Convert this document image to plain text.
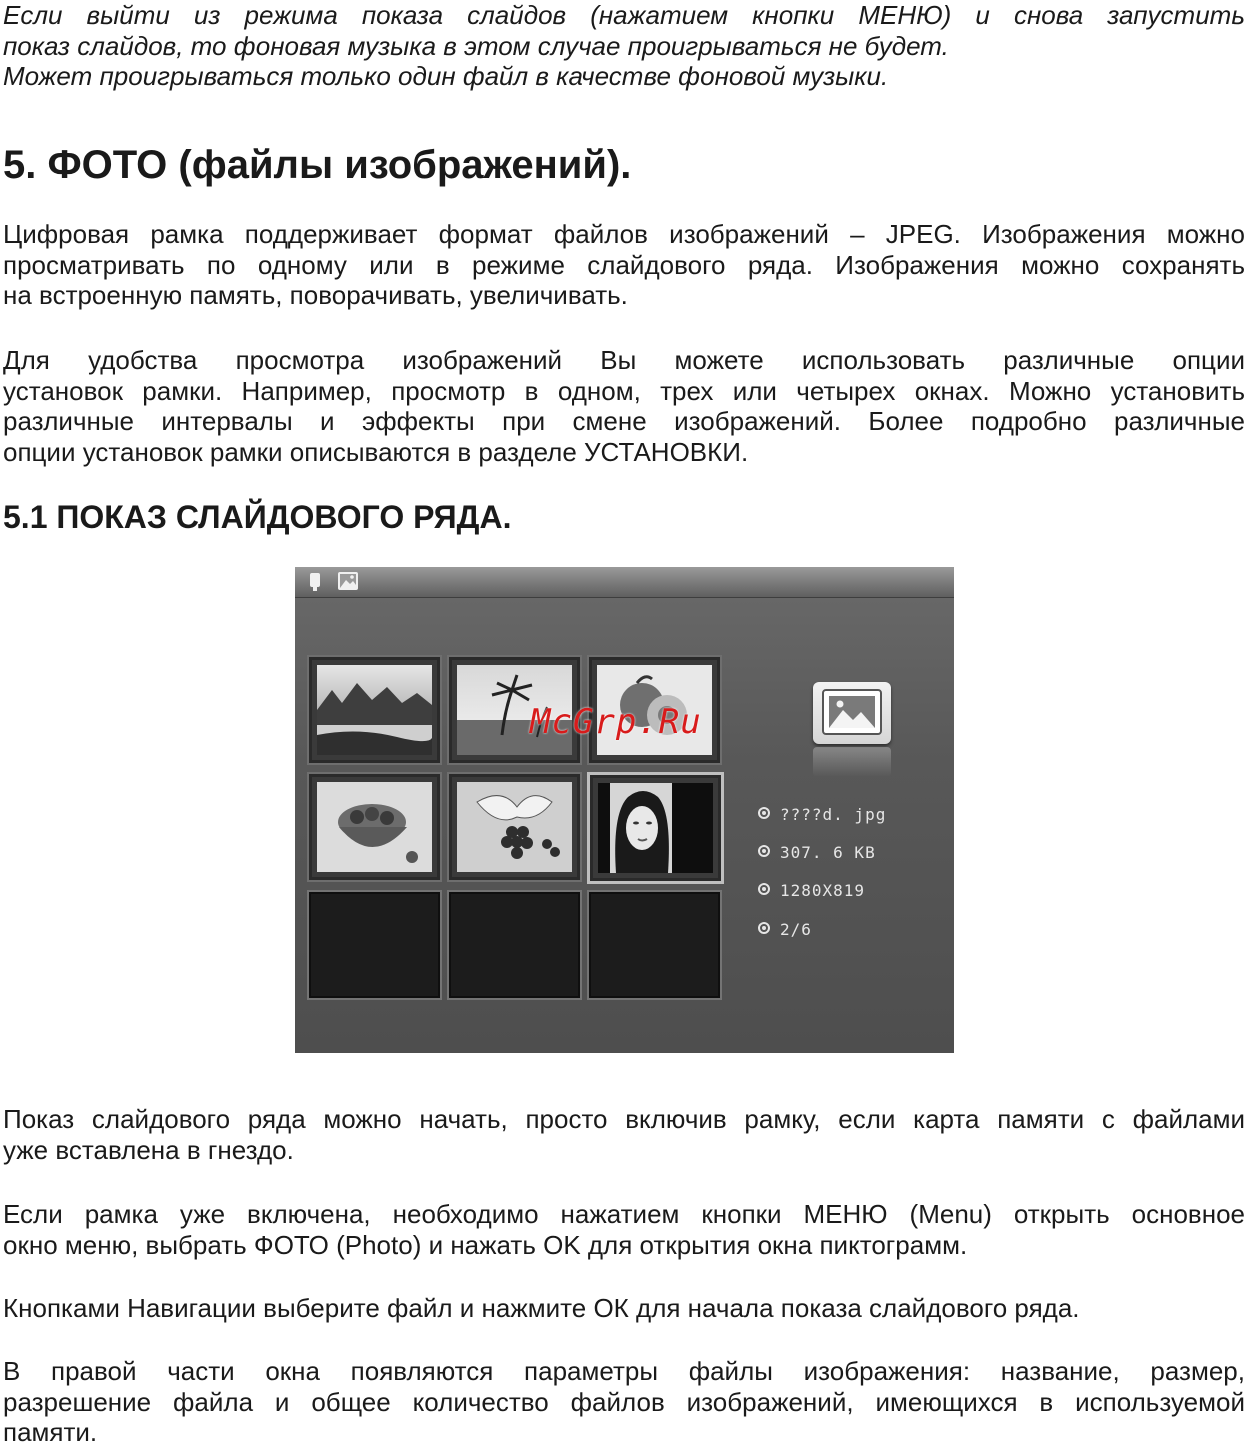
Если выйти из режима показа слайдов (нажатием кнопки МЕНЮ) и снова запустить
показ слайдов, то фоновая музыка в этом случае проигрываться не будет.
Может проигрываться только один файл в качестве фоновой музыки.
5. ФОТО (файлы изображений).
Цифровая рамка поддерживает формат файлов изображений – JPEG. Изображения можно
просматривать по одному или в режиме слайдового ряда. Изображения можно сохранять
на встроенную память, поворачивать, увеличивать.
Для удобства просмотра изображений Вы можете использовать различные опции
установок рамки. Например, просмотр в одном, трех или четырех окнах. Можно установить
различные интервалы и эффекты при смене изображений. Более подробно различные
опции установок рамки описываются в разделе УСТАНОВКИ.
5.1 ПОКАЗ СЛАЙДОВОГО РЯДА.
????d. jpg
307. 6 KB
1280X819
2/6
McGrp.Ru
Показ слайдового ряда можно начать, просто включив рамку, если карта памяти с файлами
уже вставлена в гнездо.
Если рамка уже включена, необходимо нажатием кнопки МЕНЮ (Menu) открыть основное
окно меню, выбрать ФОТО (Photo) и нажать OK для открытия окна пиктограмм.
Кнопками Навигации выберите файл и нажмите ОК для начала показа слайдового ряда.
В правой части окна появляются параметры файлы изображения: название, размер,
разрешение файла и общее количество файлов изображений, имеющихся в используемой
памяти.
